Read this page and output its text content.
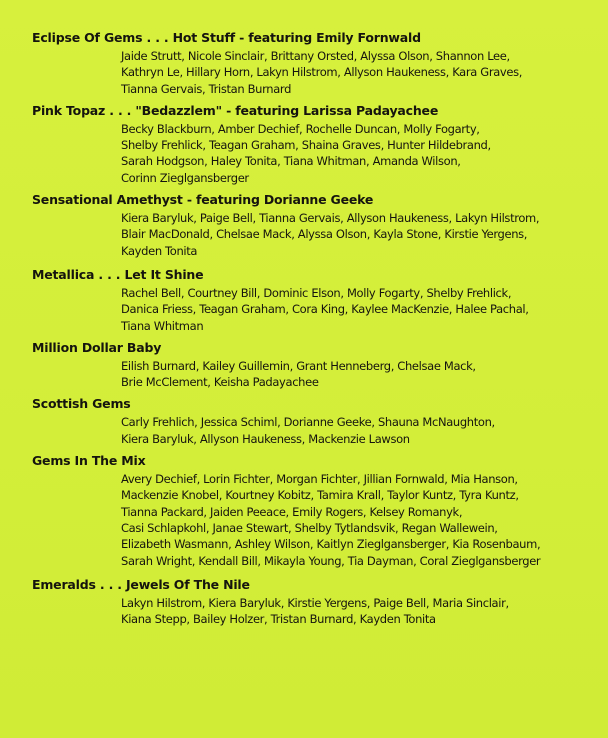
Eclipse Of Gems . . . Hot Stuff - featuring Emily Fornwald
Jaide Strutt, Nicole Sinclair, Brittany Orsted, Alyssa Olson, Shannon Lee,
Kathryn Le, Hillary Horn, Lakyn Hilstrom, Allyson Haukeness, Kara Graves,
Tianna Gervais, Tristan Burnard
Pink Topaz . . . "Bedazzlem" - featuring Larissa Padayachee
Becky Blackburn, Amber Dechief, Rochelle Duncan, Molly Fogarty,
Shelby Frehlick, Teagan Graham, Shaina Graves, Hunter Hildebrand,
Sarah Hodgson, Haley Tonita, Tiana Whitman, Amanda Wilson,
Corinn Zieglgansberger
Sensational Amethyst - featuring Dorianne Geeke
Kiera Baryluk, Paige Bell, Tianna Gervais, Allyson Haukeness, Lakyn Hilstrom,
Blair MacDonald, Chelsae Mack, Alyssa Olson, Kayla Stone, Kirstie Yergens,
Kayden Tonita
Metallica . . . Let It Shine
Rachel Bell, Courtney Bill, Dominic Elson, Molly Fogarty, Shelby Frehlick,
Danica Friess, Teagan Graham, Cora King, Kaylee MacKenzie, Halee Pachal,
Tiana Whitman
Million Dollar Baby
Eilish Burnard, Kailey Guillemin, Grant Henneberg, Chelsae Mack,
Brie McClement, Keisha Padayachee
Scottish Gems
Carly Frehlich, Jessica Schiml, Dorianne Geeke, Shauna McNaughton,
Kiera Baryluk, Allyson Haukeness, Mackenzie Lawson
Gems In The Mix
Avery Dechief, Lorin Fichter, Morgan Fichter, Jillian Fornwald, Mia Hanson,
Mackenzie Knobel, Kourtney Kobitz, Tamira Krall, Taylor Kuntz, Tyra Kuntz,
Tianna Packard, Jaiden Peeace, Emily Rogers, Kelsey Romanyk,
Casi Schlapkohl, Janae Stewart, Shelby Tytlandsvik, Regan Wallewein,
Elizabeth Wasmann, Ashley Wilson, Kaitlyn Zieglgansberger, Kia Rosenbaum,
Sarah Wright, Kendall Bill, Mikayla Young, Tia Dayman, Coral Zieglgansberger
Emeralds . . . Jewels Of The Nile
Lakyn Hilstrom, Kiera Baryluk, Kirstie Yergens, Paige Bell, Maria Sinclair,
Kiana Stepp, Bailey Holzer, Tristan Burnard, Kayden Tonita
